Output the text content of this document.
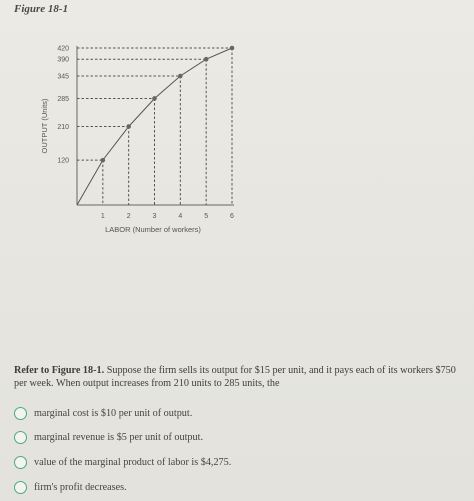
Figure 18-1
1	2	3	4	5	6
120
210
285
345
390
420
LABOR (Number of workers)
OUTPUT (Units)
Refer to Figure 18-1. Suppose the firm sells its output for $15 per unit, and it pays each of its workers $750 per week. When output increases from 210 units to 285 units, the
marginal cost is $10 per unit of output.
marginal revenue is $5 per unit of output.
value of the marginal product of labor is $4,275.
firm's profit decreases.
